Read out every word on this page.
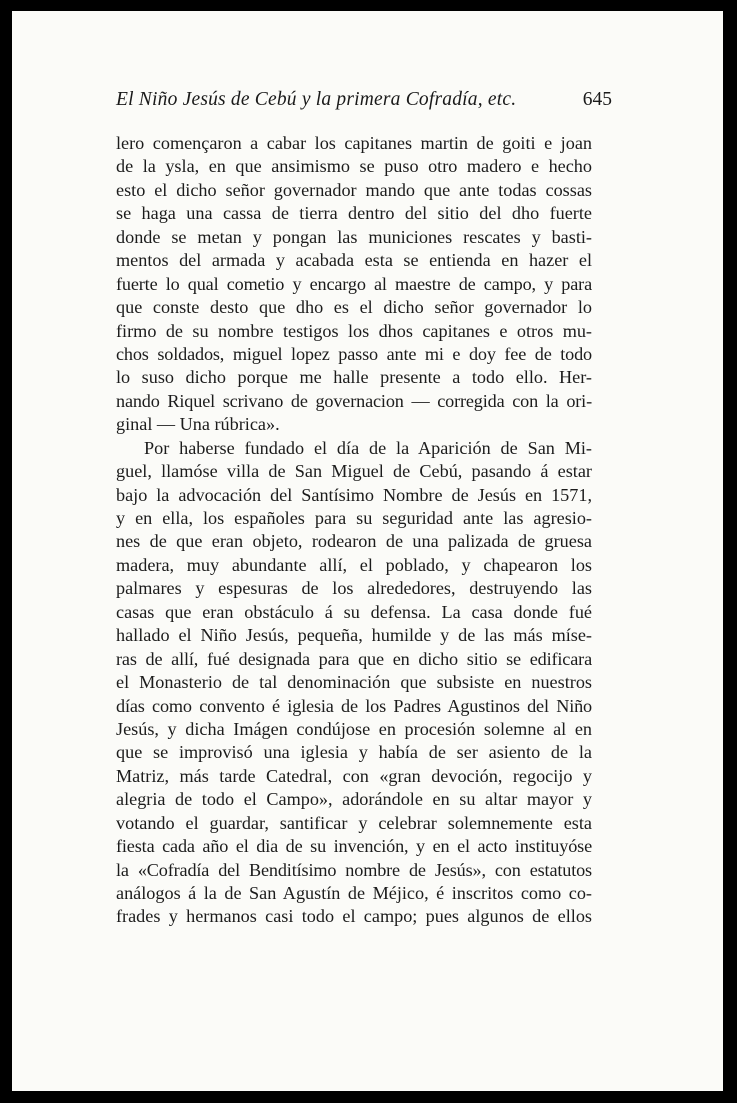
El Niño Jesús de Cebú y la primera Cofradía, etc.	645
lero començaron a cabar los capitanes martin de goiti e joan
de la ysla, en que ansimismo se puso otro madero e hecho
esto el dicho señor governador mando que ante todas cossas
se haga una cassa de tierra dentro del sitio del dho fuerte
donde se metan y pongan las municiones rescates y basti-
mentos del armada y acabada esta se entienda en hazer el
fuerte lo qual cometio y encargo al maestre de campo, y para
que conste desto que dho es el dicho señor governador lo
firmo de su nombre testigos los dhos capitanes e otros mu-
chos soldados, miguel lopez passo ante mi e doy fee de todo
lo suso dicho porque me halle presente a todo ello. Her-
nando Riquel scrivano de governacion — corregida con la ori-
ginal — Una rúbrica».
Por haberse fundado el día de la Aparición de San Mi-
guel, llamóse villa de San Miguel de Cebú, pasando á estar
bajo la advocación del Santísimo Nombre de Jesús en 1571,
y en ella, los españoles para su seguridad ante las agresio-
nes de que eran objeto, rodearon de una palizada de gruesa
madera, muy abundante allí, el poblado, y chapearon los
palmares y espesuras de los alrededores, destruyendo las
casas que eran obstáculo á su defensa. La casa donde fué
hallado el Niño Jesús, pequeña, humilde y de las más míse-
ras de allí, fué designada para que en dicho sitio se edificara
el Monasterio de tal denominación que subsiste en nuestros
días como convento é iglesia de los Padres Agustinos del Niño
Jesús, y dicha Imágen condújose en procesión solemne al en
que se improvisó una iglesia y había de ser asiento de la
Matriz, más tarde Catedral, con «gran devoción, regocijo y
alegria de todo el Campo», adorándole en su altar mayor y
votando el guardar, santificar y celebrar solemnemente esta
fiesta cada año el dia de su invención, y en el acto instituyóse
la «Cofradía del Benditísimo nombre de Jesús», con estatutos
análogos á la de San Agustín de Méjico, é inscritos como co-
frades y hermanos casi todo el campo; pues algunos de ellos
